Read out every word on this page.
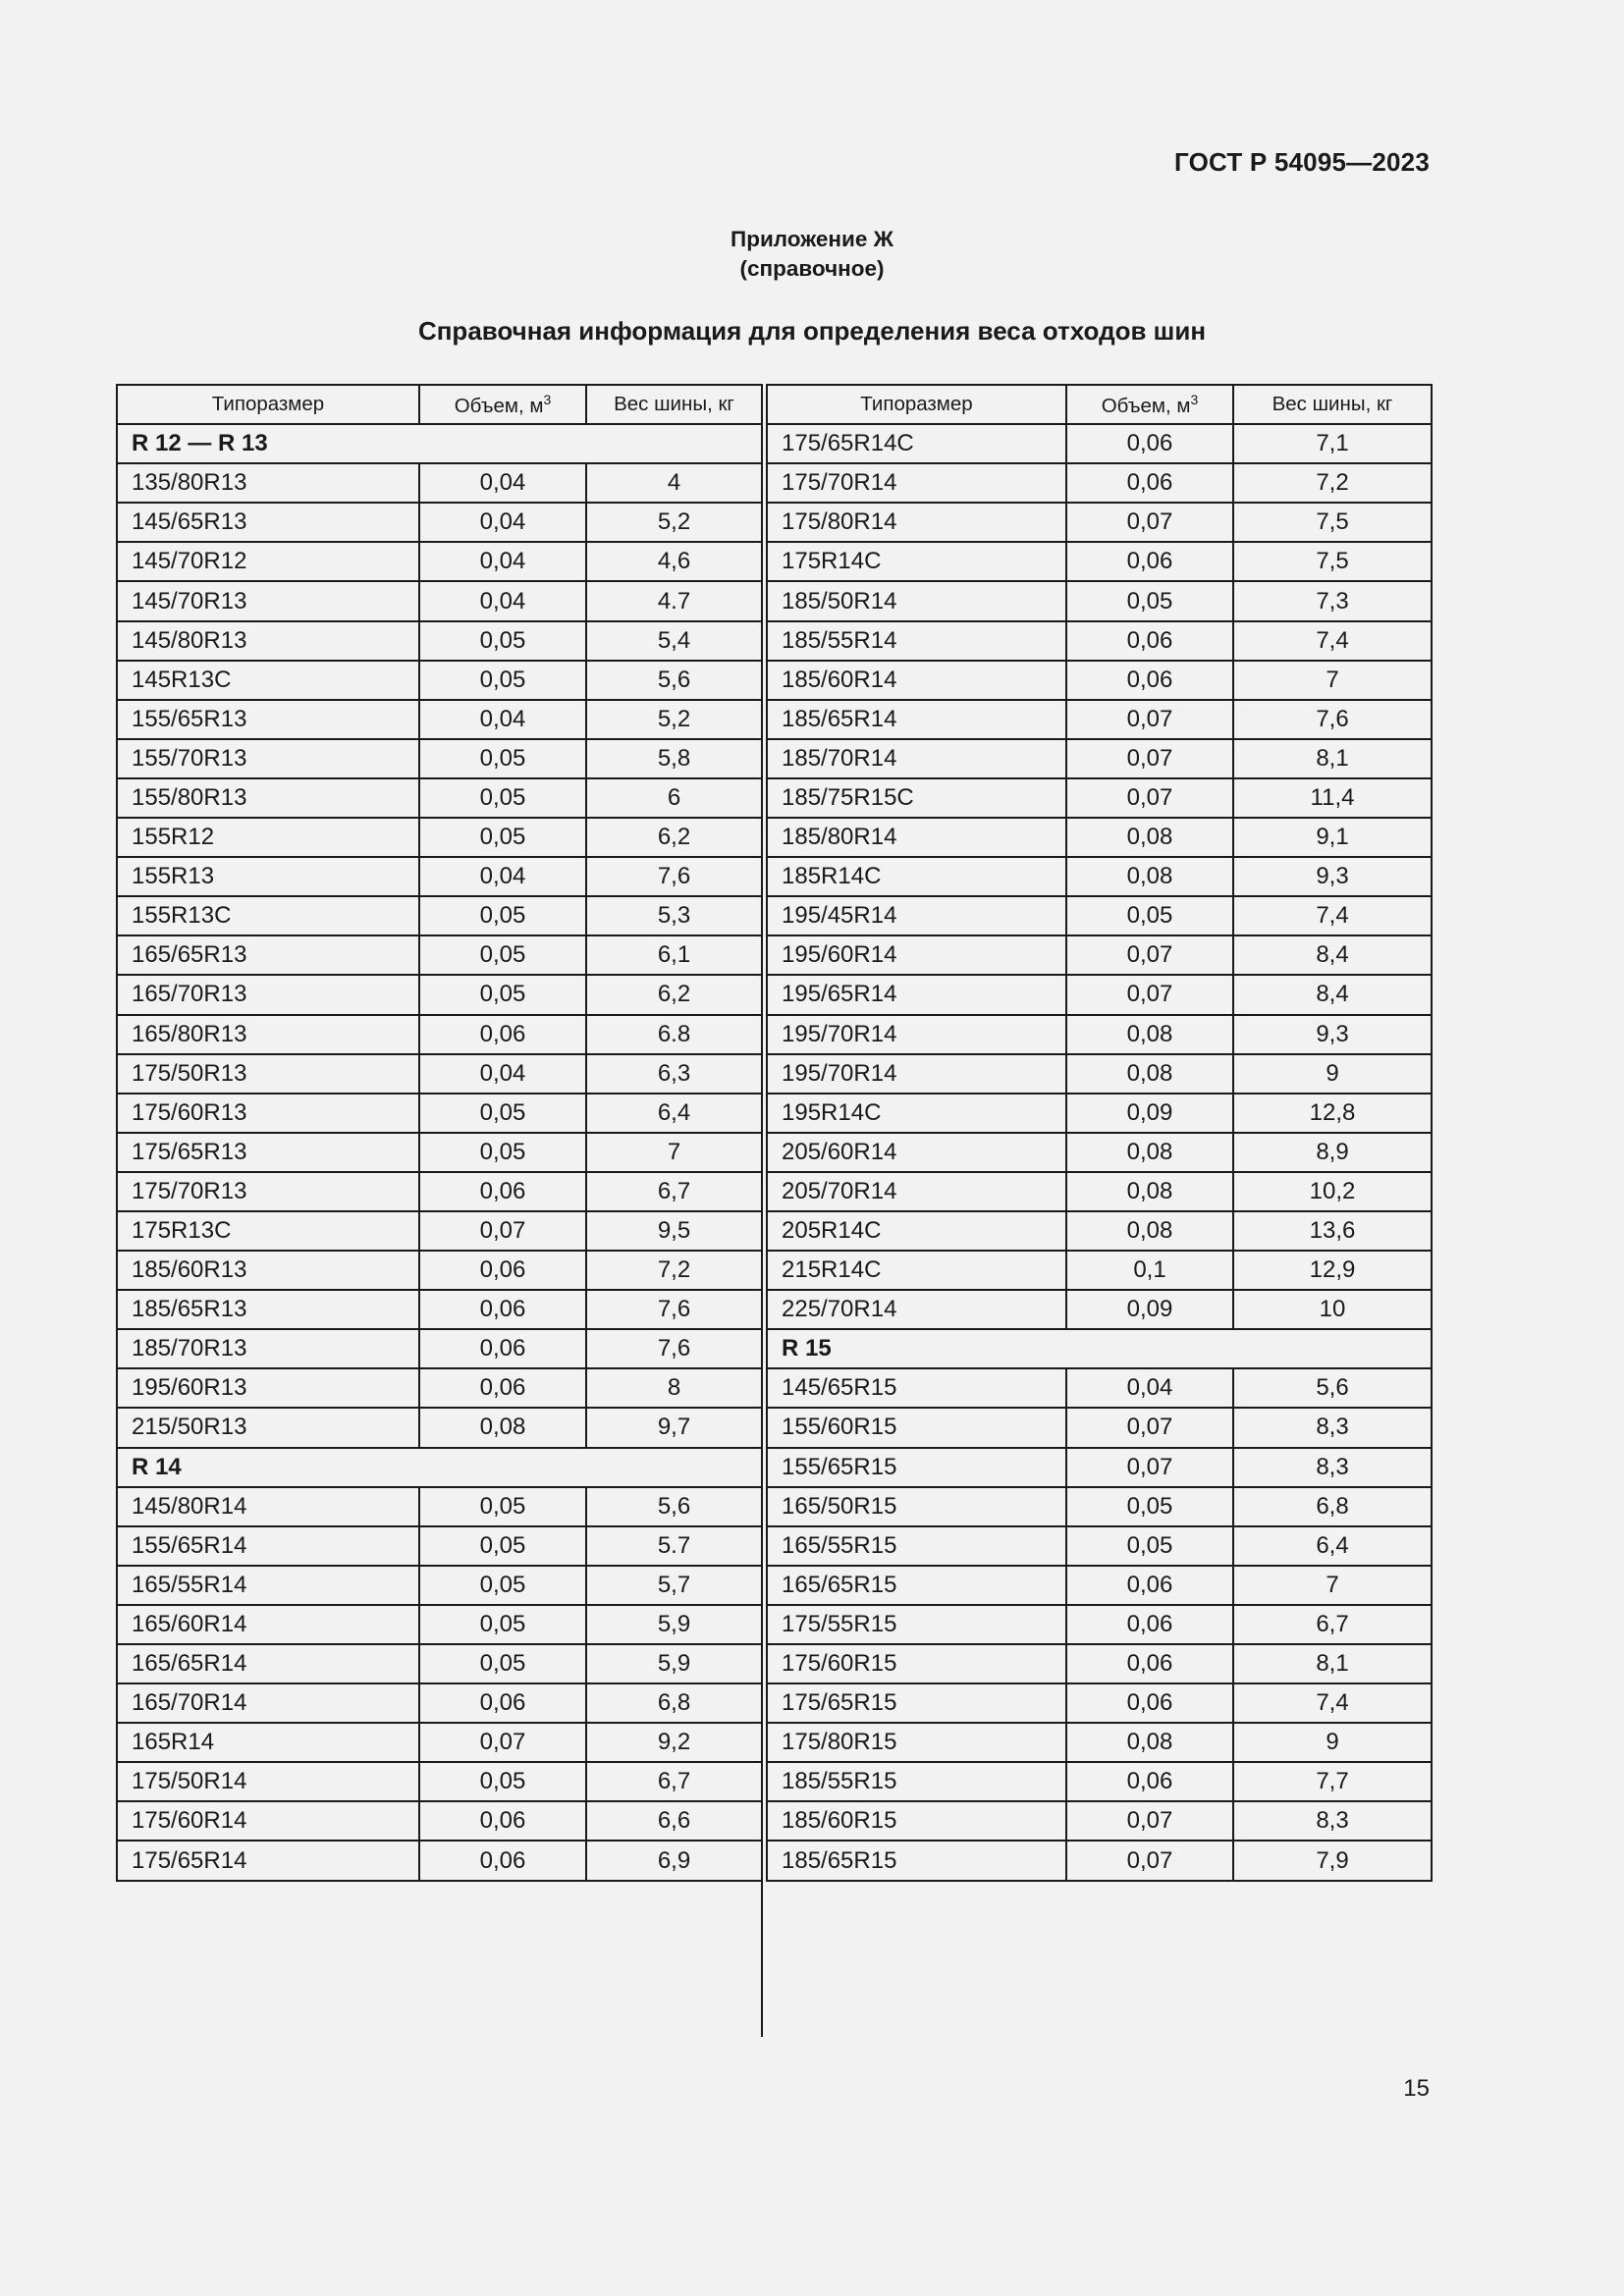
ГОСТ Р 54095—2023
Приложение Ж
(справочное)
Справочная информация для определения веса отходов шин
Типоразмер	Объем, $м^3$	Вес шины, кг
R 12 — R 13		
135/80R13	0,04	4
145/65R13	0,04	5,2
145/70R12	0,04	4,6
145/70R13	0,04	4.7
145/80R13	0,05	5,4
145R13C	0,05	5,6
155/65R13	0,04	5,2
155/70R13	0,05	5,8
155/80R13	0,05	6
155R12	0,05	6,2
155R13	0,04	7,6
155R13C	0,05	5,3
165/65R13	0,05	6,1
165/70R13	0,05	6,2
165/80R13	0,06	6.8
175/50R13	0,04	6,3
175/60R13	0,05	6,4
175/65R13	0,05	7
175/70R13	0,06	6,7
175R13C	0,07	9,5
185/60R13	0,06	7,2
185/65R13	0,06	7,6
185/70R13	0,06	7,6
195/60R13	0,06	8
215/50R13	0,08	9,7
R 14		
145/80R14	0,05	5,6
155/65R14	0,05	5.7
165/55R14	0,05	5,7
165/60R14	0,05	5,9
165/65R14	0,05	5,9
165/70R14	0,06	6,8
165R14	0,07	9,2
175/50R14	0,05	6,7
175/60R14	0,06	6,6
175/65R14	0,06	6,9
Типоразмер	Объем, $м^3$	Вес шины, кг
175/65R14C	0,06	7,1
175/70R14	0,06	7,2
175/80R14	0,07	7,5
175R14C	0,06	7,5
185/50R14	0,05	7,3
185/55R14	0,06	7,4
185/60R14	0,06	7
185/65R14	0,07	7,6
185/70R14	0,07	8,1
185/75R15C	0,07	11,4
185/80R14	0,08	9,1
185R14C	0,08	9,3
195/45R14	0,05	7,4
195/60R14	0,07	8,4
195/65R14	0,07	8,4
195/70R14	0,08	9,3
195/70R14	0,08	9
195R14C	0,09	12,8
205/60R14	0,08	8,9
205/70R14	0,08	10,2
205R14C	0,08	13,6
215R14C	0,1	12,9
225/70R14	0,09	10
R 15		
145/65R15	0,04	5,6
155/60R15	0,07	8,3
155/65R15	0,07	8,3
165/50R15	0,05	6,8
165/55R15	0,05	6,4
165/65R15	0,06	7
175/55R15	0,06	6,7
175/60R15	0,06	8,1
175/65R15	0,06	7,4
175/80R15	0,08	9
185/55R15	0,06	7,7
185/60R15	0,07	8,3
185/65R15	0,07	7,9
15
